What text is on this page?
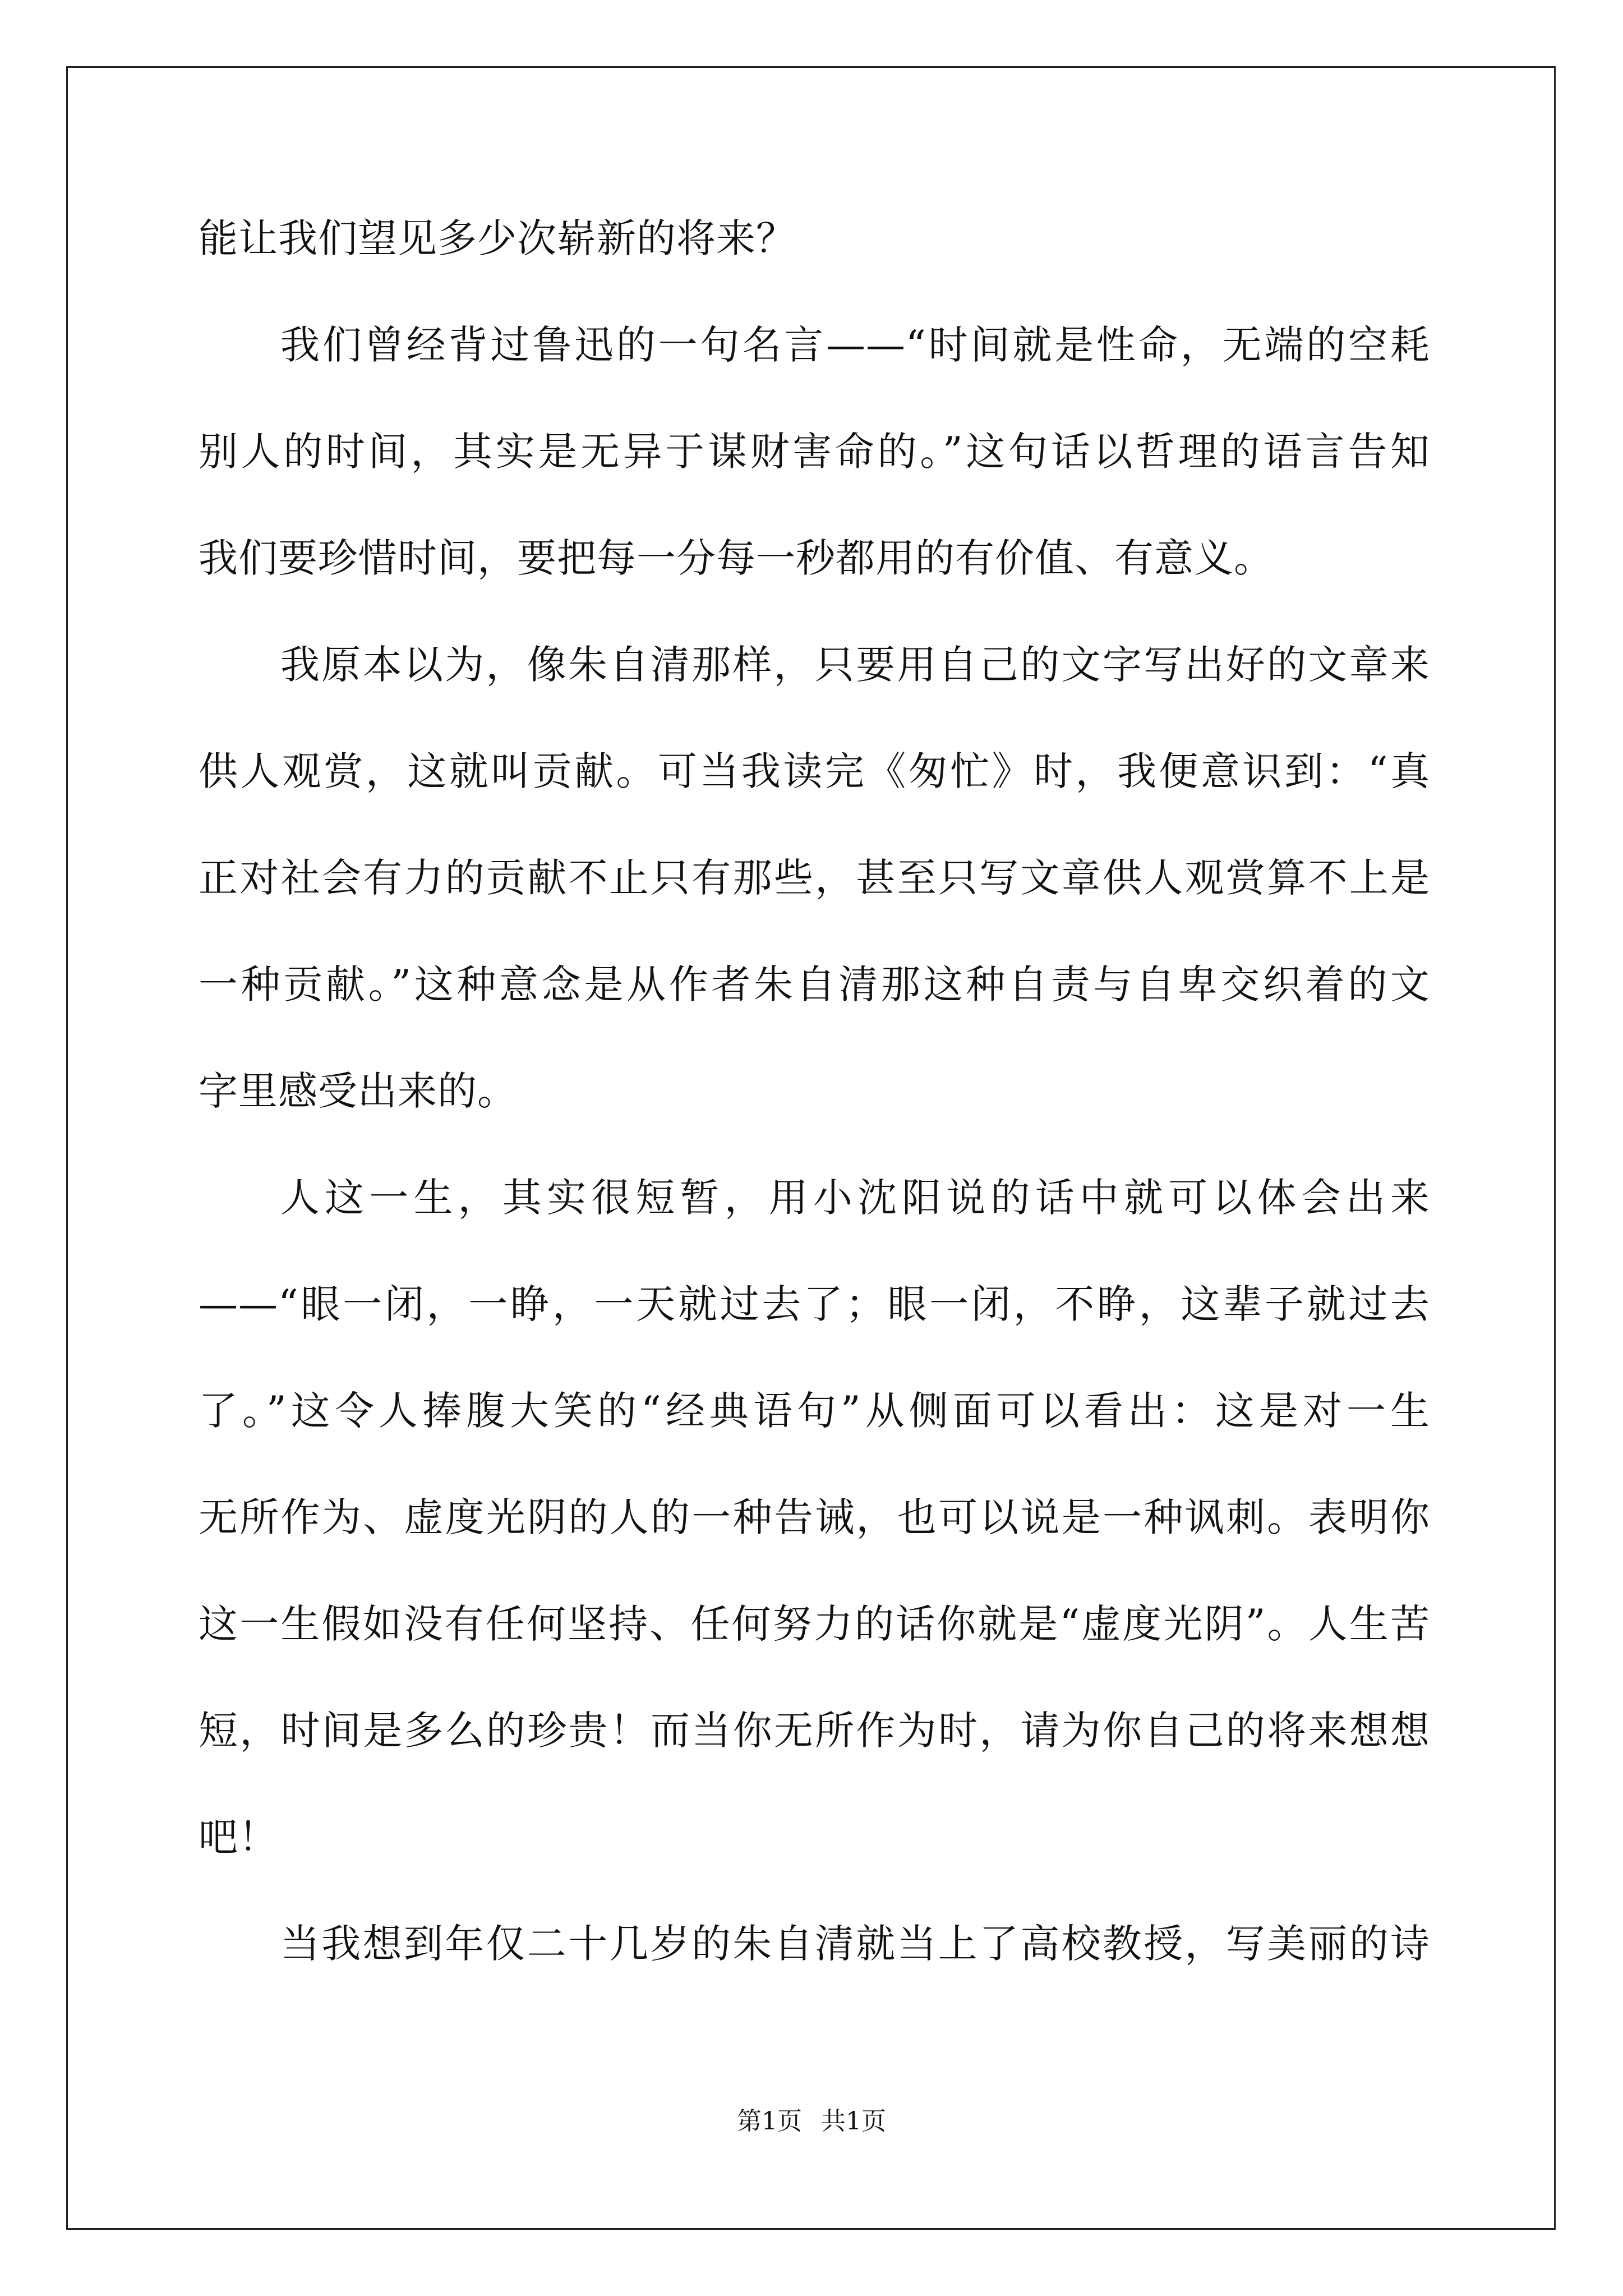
能让我们望见多少次崭新的将来？
我们曾经背过鲁迅的一句名言——“时间就是性命，无端的空耗
别人的时间，其实是无异于谋财害命的。”这句话以哲理的语言告知
我们要珍惜时间，要把每一分每一秒都用的有价值、有意义。
我原本以为，像朱自清那样，只要用自己的文字写出好的文章来
供人观赏，这就叫贡献。可当我读完《匆忙》时，我便意识到：“真
正对社会有力的贡献不止只有那些，甚至只写文章供人观赏算不上是
一种贡献。”这种意念是从作者朱自清那这种自责与自卑交织着的文
字里感受出来的。
人这一生，其实很短暂，用小沈阳说的话中就可以体会出来
——“眼一闭，一睁，一天就过去了；眼一闭，不睁，这辈子就过去
了。”这令人捧腹大笑的“经典语句”从侧面可以看出：这是对一生
无所作为、虚度光阴的人的一种告诫，也可以说是一种讽刺。表明你
这一生假如没有任何坚持、任何努力的话你就是“虚度光阴”。人生苦
短，时间是多么的珍贵！而当你无所作为时，请为你自己的将来想想
吧！
当我想到年仅二十几岁的朱自清就当上了高校教授，写美丽的诗
第1页 共1页
